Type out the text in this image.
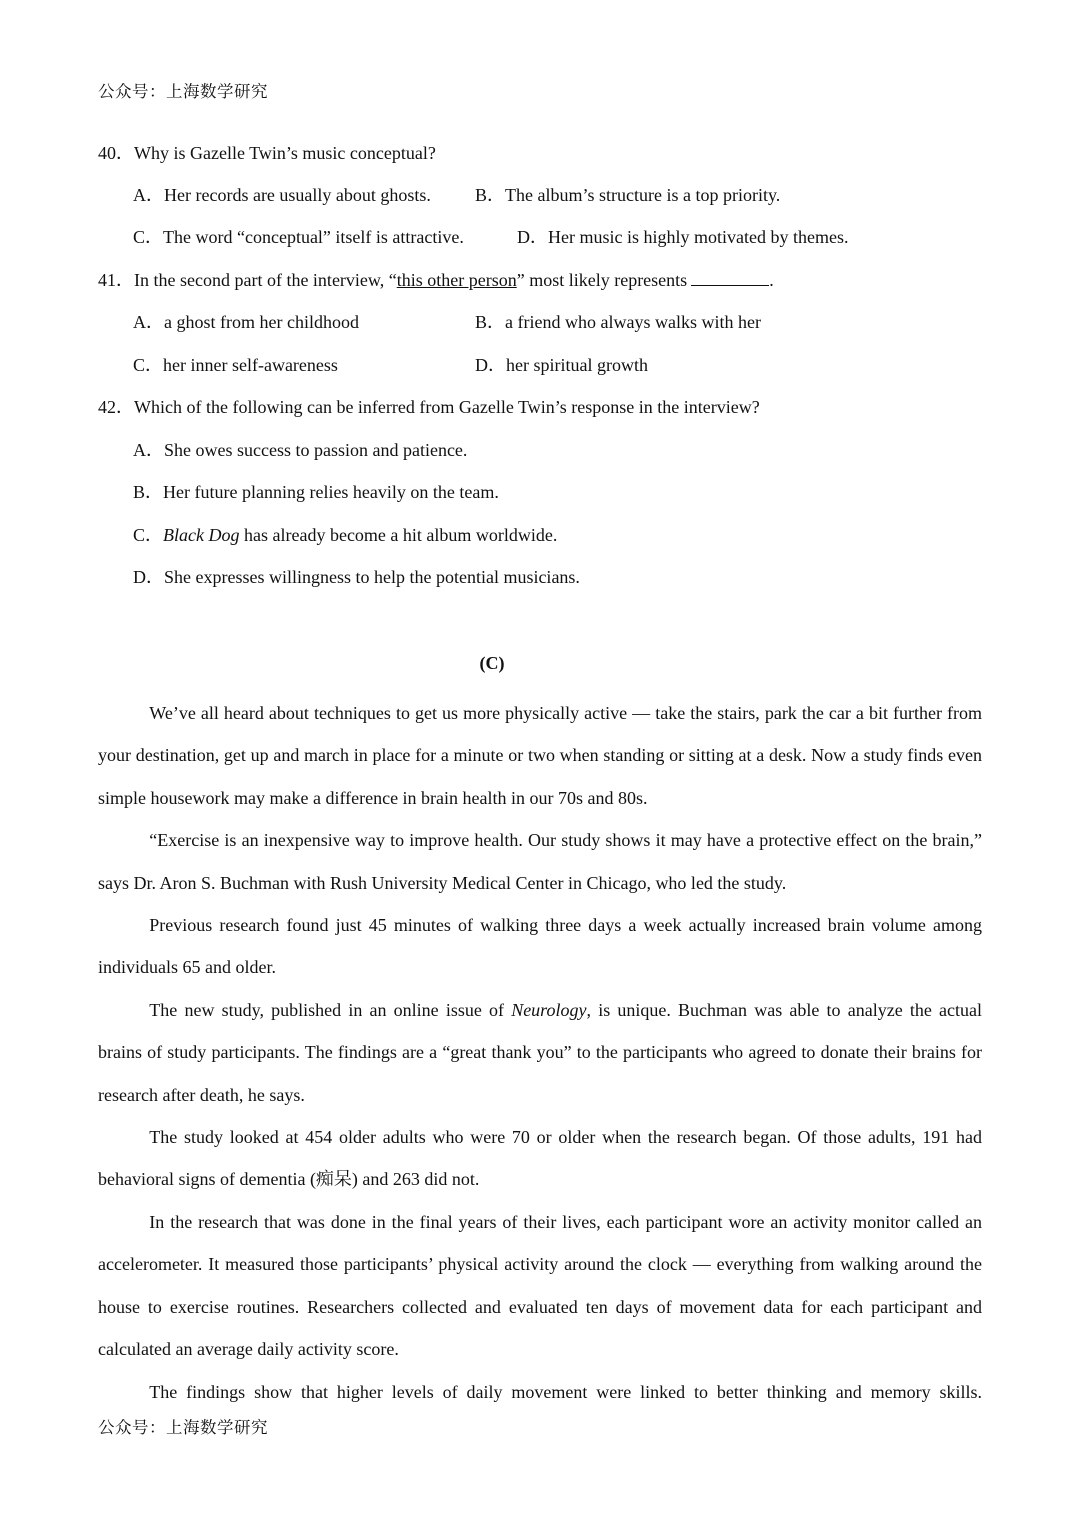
公众号：上海数学研究
40．Why is Gazelle Twin’s music conceptual?
A．Her records are usually about ghosts. B．The album’s structure is a top priority.
C．The word “conceptual” itself is attractive.	D．Her music is highly motivated by themes.
41．In the second part of the interview, “this other person” most likely represents	.
A．a ghost from her childhood	B．a friend who always walks with her
C．her inner self-awareness	D．her spiritual growth
42．Which of the following can be inferred from Gazelle Twin’s response in the interview?
A．She owes success to passion and patience.
B．Her future planning relies heavily on the team.
C．Black Dog has already become a hit album worldwide.
D．She expresses willingness to help the potential musicians.
(C)

We’ve all heard about techniques to get us more physically active — take the stairs, park the car a bit further from your destination, get up and march in place for a minute or two when standing or sitting at a desk. Now a study finds even simple housework may make a difference in brain health in our 70s and 80s.

“Exercise is an inexpensive way to improve health. Our study shows it may have a protective effect on the brain,” says Dr. Aron S. Buchman with Rush University Medical Center in Chicago, who led the study.

Previous research found just 45 minutes of walking three days a week actually increased brain volume among individuals 65 and older.

The new study, published in an online issue of Neurology, is unique. Buchman was able to analyze the actual brains of study participants. The findings are a “great thank you” to the participants who agreed to donate their brains for research after death, he says.

The study looked at 454 older adults who were 70 or older when the research began. Of those adults, 191 had behavioral signs of dementia (痴呆) and 263 did not.

In the research that was done in the final years of their lives, each participant wore an activity monitor called an accelerometer. It measured those participants’ physical activity around the clock — everything from walking around the house to exercise routines. Researchers collected and evaluated ten days of movement data for each participant and calculated an average daily activity score.

The findings show that higher levels of daily movement were linked to better thinking and memory skills.

公众号：上海数学研究
